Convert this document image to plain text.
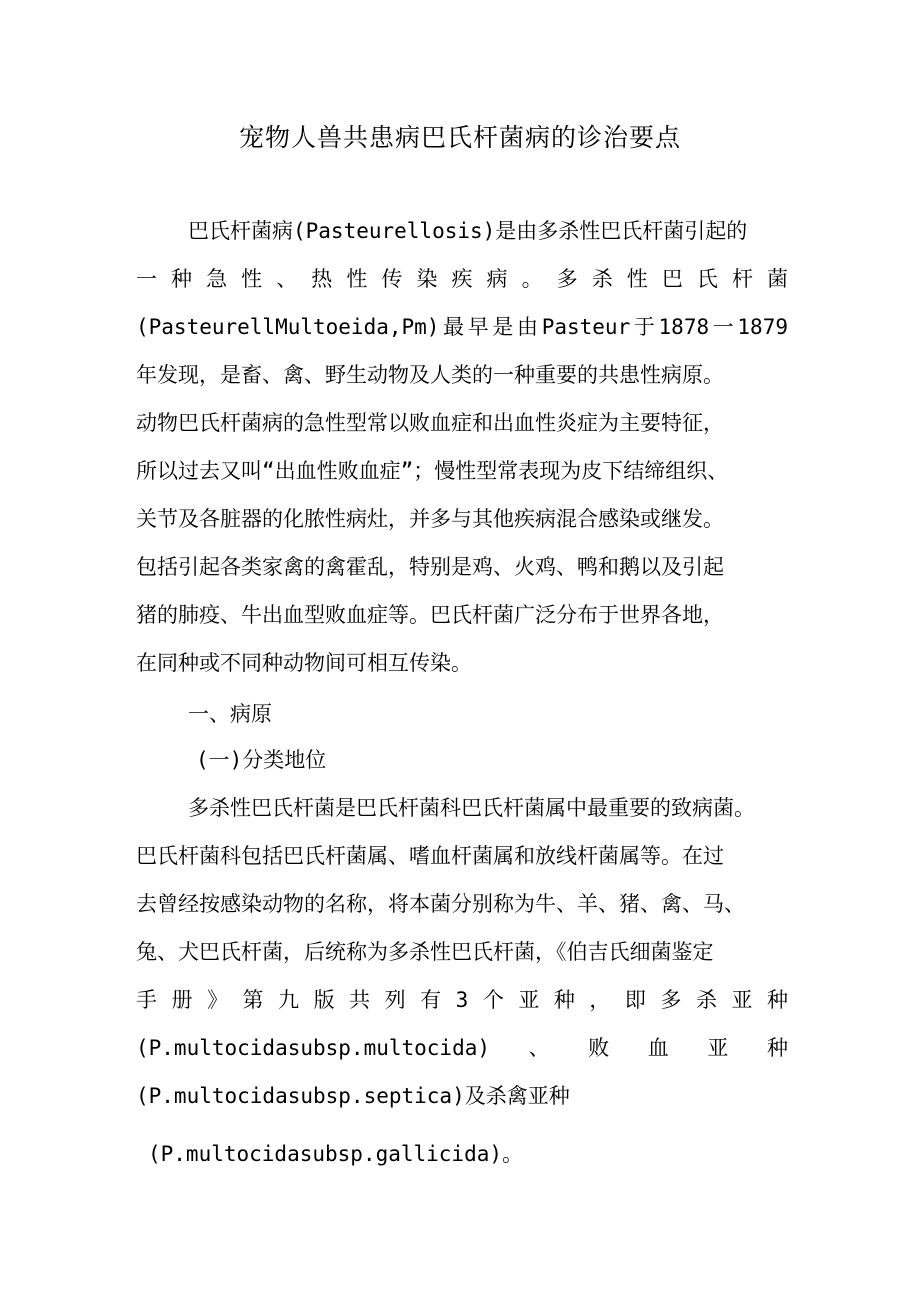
宠物人兽共患病巴氏杆菌病的诊治要点
巴氏杆菌病(Pasteurellosis)是由多杀性巴氏杆菌引起的
一种急性、热性传染疾病。多杀性巴氏杆菌
(PasteurellMultoeida,Pm)最早是由Pasteur于1878一1879
年发现，是畜、禽、野生动物及人类的一种重要的共患性病原。
动物巴氏杆菌病的急性型常以败血症和出血性炎症为主要特征，
所以过去又叫“出血性败血症”；慢性型常表现为皮下结缔组织、
关节及各脏器的化脓性病灶，并多与其他疾病混合感染或继发。
包括引起各类家禽的禽霍乱，特别是鸡、火鸡、鸭和鹅以及引起
猪的肺疫、牛出血型败血症等。巴氏杆菌广泛分布于世界各地，
在同种或不同种动物间可相互传染。
一、病原
(一)分类地位
多杀性巴氏杆菌是巴氏杆菌科巴氏杆菌属中最重要的致病菌。
巴氏杆菌科包括巴氏杆菌属、嗜血杆菌属和放线杆菌属等。在过
去曾经按感染动物的名称，将本菌分别称为牛、羊、猪、禽、马、
兔、犬巴氏杆菌，后统称为多杀性巴氏杆菌，《伯吉氏细菌鉴定
手册》第九版共列有3个亚种，即多杀亚种
(P.multocidasubsp.multocida)、败血亚种
(P.multocidasubsp.septica)及杀禽亚种
(P.multocidasubsp.gallicida)。
